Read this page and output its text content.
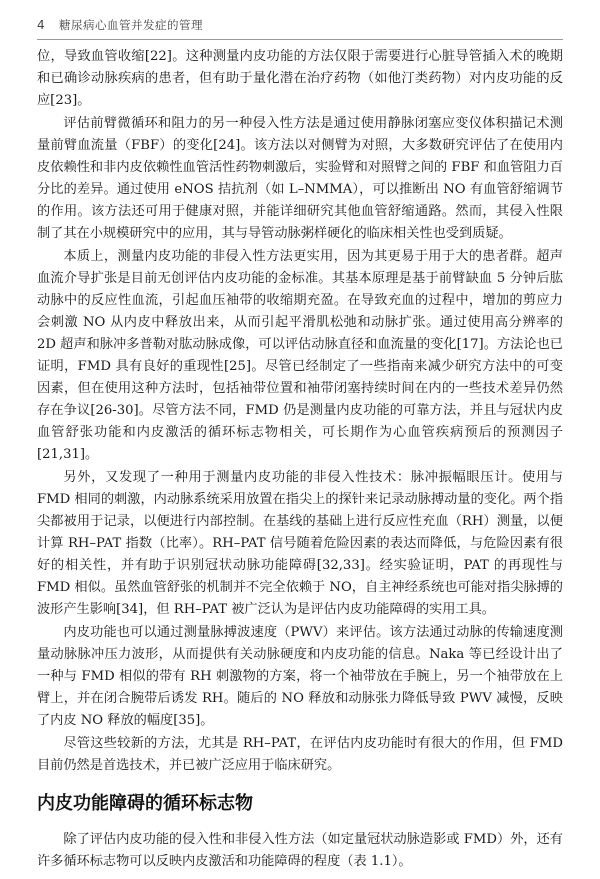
4	糖尿病心血管并发症的管理

位，导致血管收缩[22]。这种测量内皮功能的方法仅限于需要进行心脏导管插入术的晚期和已确诊动脉疾病的患者，但有助于量化潜在治疗药物（如他汀类药物）对内皮功能的反应[23]。

评估前臂微循环和阻力的另一种侵入性方法是通过使用静脉闭塞应变仪体积描记术测量前臂血流量（FBF）的变化[24]。该方法以对侧臂为对照，大多数研究评估了在使用内皮依赖性和非内皮依赖性血管活性药物刺激后，实验臂和对照臂之间的 FBF 和血管阻力百分比的差异。通过使用 eNOS 拮抗剂（如 L–NMMA），可以推断出 NO 有血管舒缩调节的作用。该方法还可用于健康对照，并能详细研究其他血管舒缩通路。然而，其侵入性限制了其在小规模研究中的应用，其与导管动脉粥样硬化的临床相关性也受到质疑。

本质上，测量内皮功能的非侵入性方法更实用，因为其更易于用于大的患者群。超声血流介导扩张是目前无创评估内皮功能的金标准。其基本原理是基于前臂缺血 5 分钟后肱动脉中的反应性血流，引起血压袖带的收缩期充盈。在导致充血的过程中，增加的剪应力会刺激 NO 从内皮中释放出来，从而引起平滑肌松弛和动脉扩张。通过使用高分辨率的 2D 超声和脉冲多普勒对肱动脉成像，可以评估动脉直径和血流量的变化[17]。方法论也已证明，FMD 具有良好的重现性[25]。尽管已经制定了一些指南来减少研究方法中的可变因素，但在使用这种方法时，包括袖带位置和袖带闭塞持续时间在内的一些技术差异仍然存在争议[26-30]。尽管方法不同，FMD 仍是测量内皮功能的可靠方法，并且与冠状内皮血管舒张功能和内皮激活的循环标志物相关，可长期作为心血管疾病预后的预测因子[21,31]。

另外，又发现了一种用于测量内皮功能的非侵入性技术：脉冲振幅眼压计。使用与 FMD 相同的刺激，内动脉系统采用放置在指尖上的探针来记录动脉搏动量的变化。两个指尖都被用于记录，以便进行内部控制。在基线的基础上进行反应性充血（RH）测量，以便计算 RH–PAT 指数（比率）。RH–PAT 信号随着危险因素的表达而降低，与危险因素有很好的相关性，并有助于识别冠状动脉功能障碍[32,33]。经实验证明，PAT 的再现性与 FMD 相似。虽然血管舒张的机制并不完全依赖于 NO，自主神经系统也可能对指尖脉搏的波形产生影响[34]，但 RH–PAT 被广泛认为是评估内皮功能障碍的实用工具。

内皮功能也可以通过测量脉搏波速度（PWV）来评估。该方法通过动脉的传输速度测量动脉脉冲压力波形，从而提供有关动脉硬度和内皮功能的信息。Naka 等已经设计出了一种与 FMD 相似的带有 RH 刺激物的方案，将一个袖带放在手腕上，另一个袖带放在上臂上，并在闭合腕带后诱发 RH。随后的 NO 释放和动脉张力降低导致 PWV 减慢，反映了内皮 NO 释放的幅度[35]。

尽管这些较新的方法，尤其是 RH–PAT，在评估内皮功能时有很大的作用，但 FMD 目前仍然是首选技术，并已被广泛应用于临床研究。

内皮功能障碍的循环标志物

除了评估内皮功能的侵入性和非侵入性方法（如定量冠状动脉造影或 FMD）外，还有许多循环标志物可以反映内皮激活和功能障碍的程度（表 1.1）。
